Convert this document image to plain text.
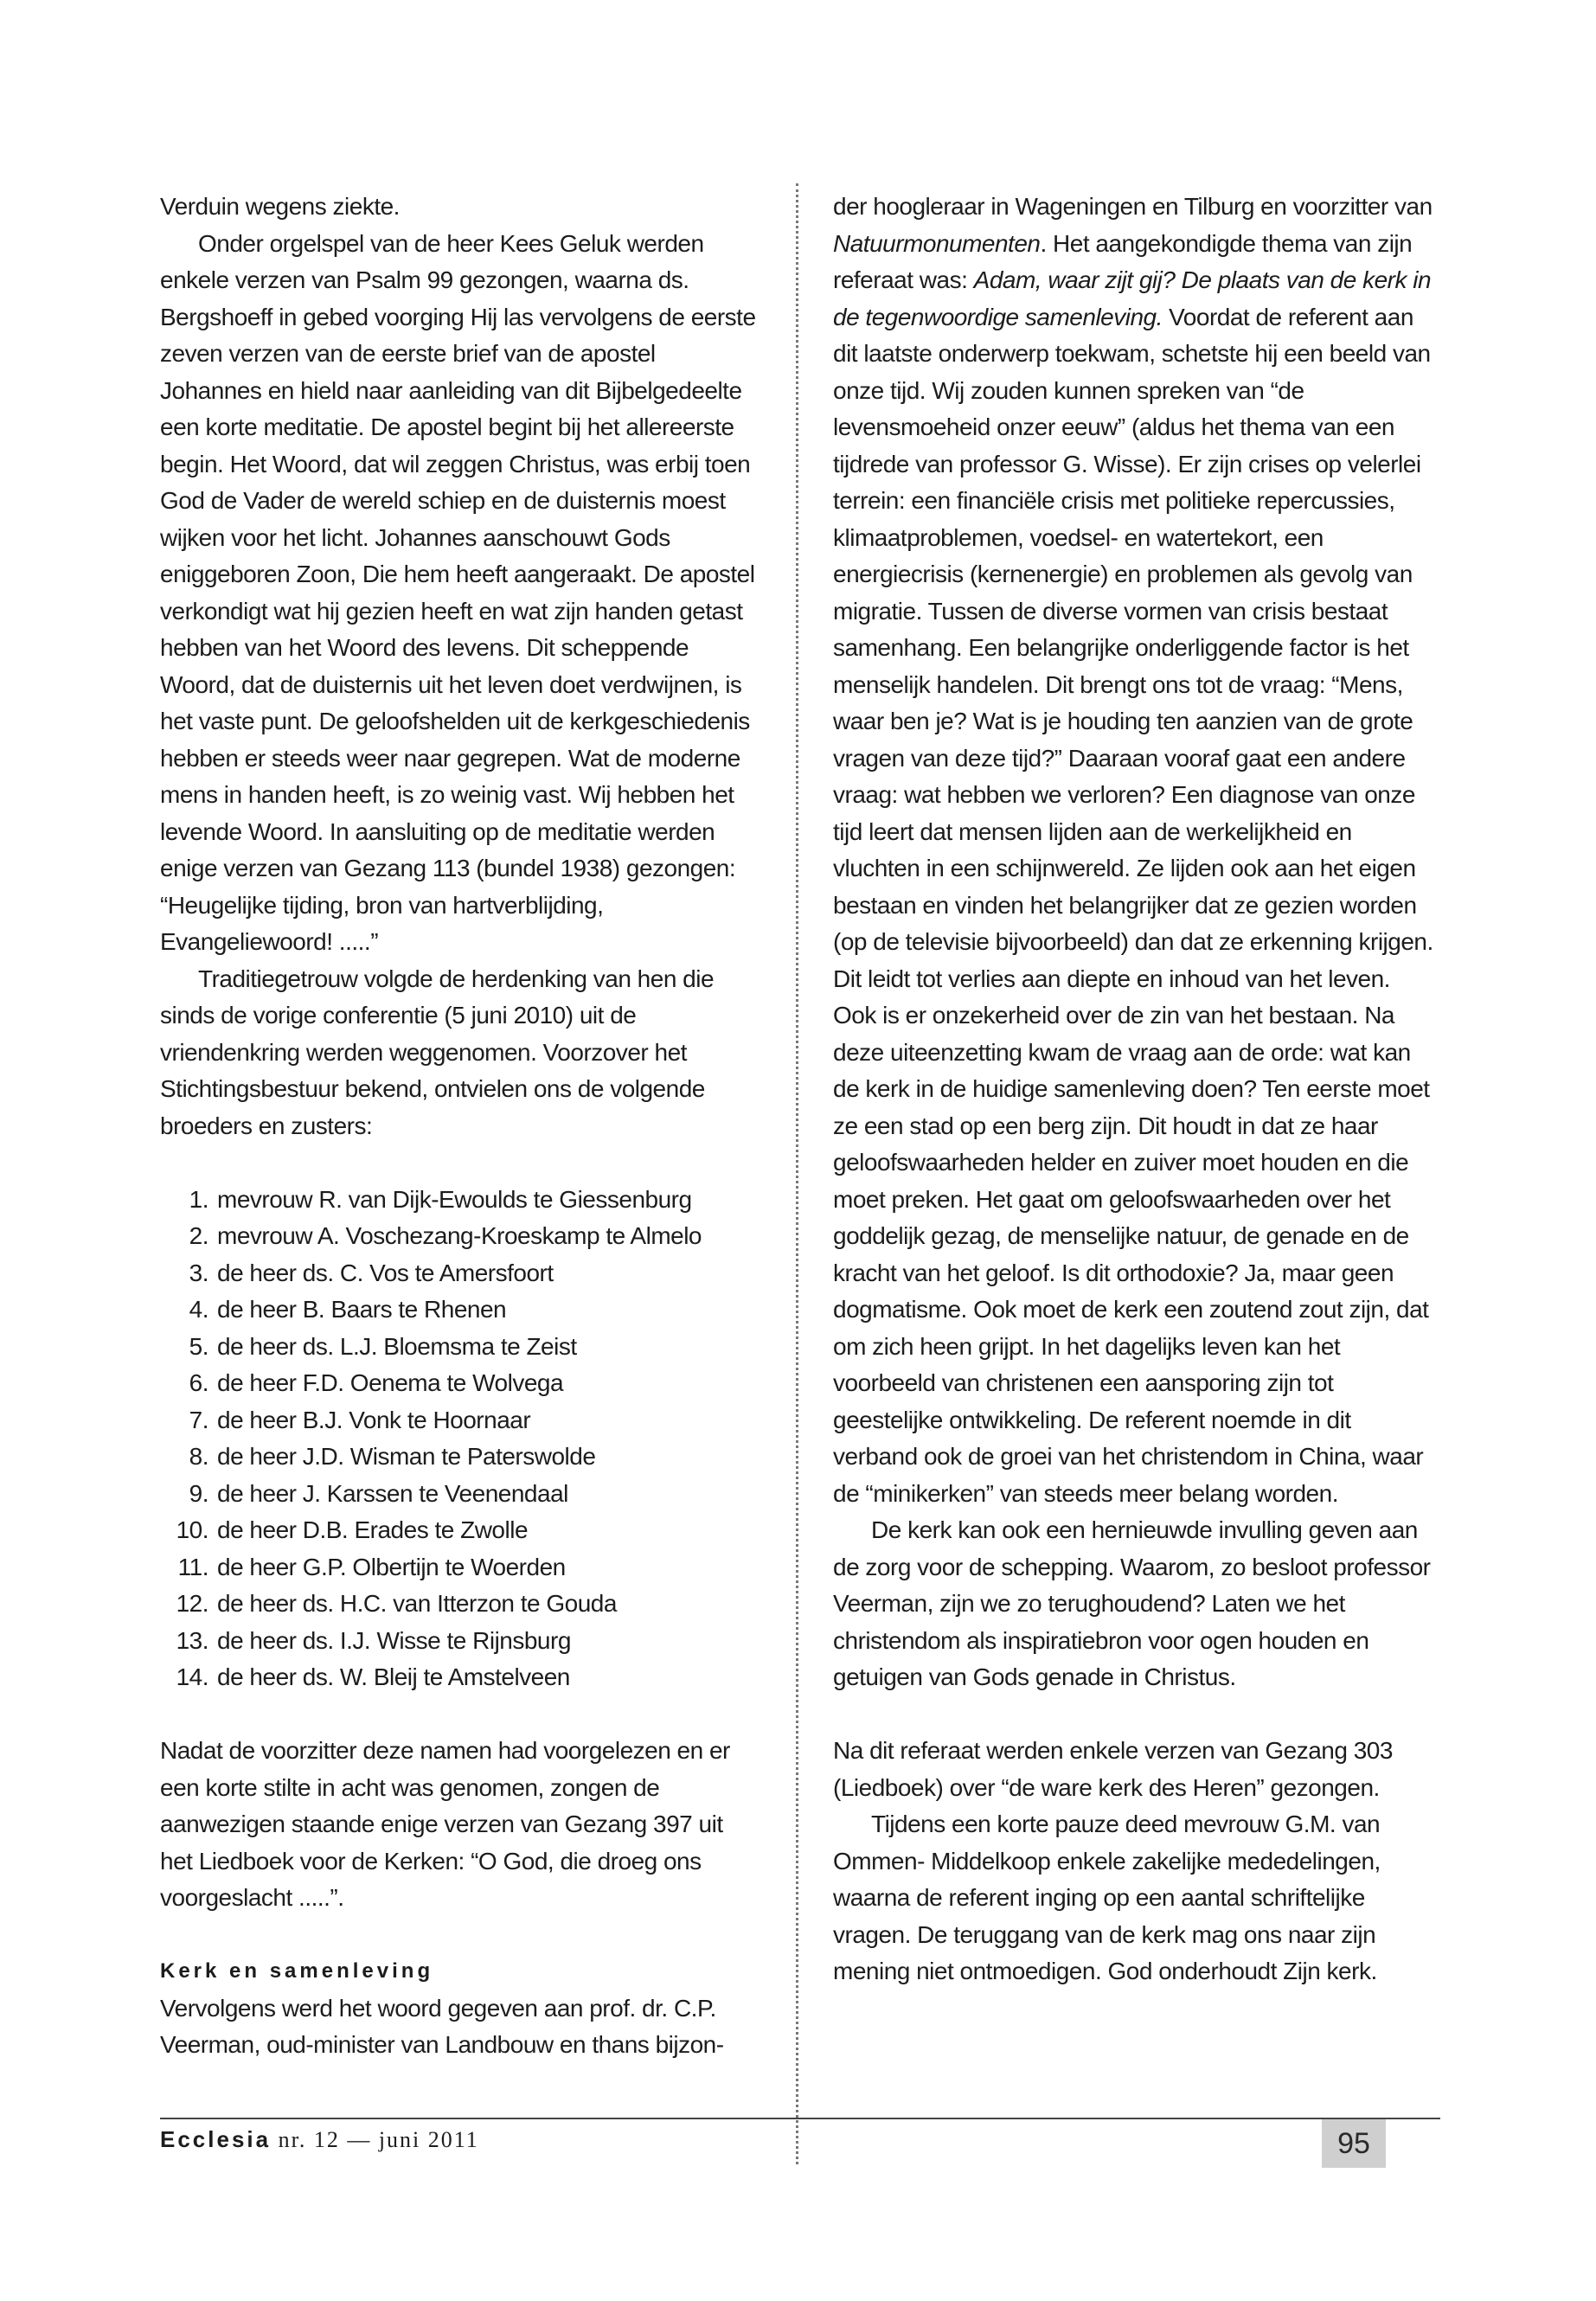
Verduin wegens ziekte.

Onder orgelspel van de heer Kees Geluk werden enkele verzen van Psalm 99 gezongen, waarna ds. Bergshoeff in gebed voorging Hij las vervolgens de eerste zeven verzen van de eerste brief van de apostel Johannes en hield naar aanleiding van dit Bijbelgedeelte een korte meditatie. De apostel begint bij het allereerste begin. Het Woord, dat wil zeggen Christus, was erbij toen God de Vader de wereld schiep en de duisternis moest wijken voor het licht. Johannes aanschouwt Gods eniggeboren Zoon, Die hem heeft aangeraakt. De apostel verkondigt wat hij gezien heeft en wat zijn handen getast hebben van het Woord des levens. Dit scheppende Woord, dat de duisternis uit het leven doet verdwijnen, is het vaste punt. De geloofshelden uit de kerkgeschiedenis hebben er steeds weer naar gegrepen. Wat de moderne mens in handen heeft, is zo weinig vast. Wij hebben het levende Woord. In aansluiting op de meditatie werden enige verzen van Gezang 113 (bundel 1938) gezongen: “Heugelijke tijding, bron van hartverblijding, Evangeliewoord! .....”

Traditiegetrouw volgde de herdenking van hen die sinds de vorige conferentie (5 juni 2010) uit de vriendenkring werden weggenomen. Voorzover het Stichtingsbestuur bekend, ontvielen ons de volgende broeders en zusters:

1. mevrouw R. van Dijk-Ewoulds te Giessenburg
2. mevrouw A. Voschezang-Kroeskamp te Almelo
3. de heer ds. C. Vos te Amersfoort
4. de heer B. Baars te Rhenen
5. de heer ds. L.J. Bloemsma te Zeist
6. de heer F.D. Oenema te Wolvega
7. de heer B.J. Vonk te Hoornaar
8. de heer J.D. Wisman te Paterswolde
9. de heer J. Karssen te Veenendaal
10. de heer D.B. Erades te Zwolle
11. de heer G.P. Olbertijn te Woerden
12. de heer ds. H.C. van Itterzon te Gouda
13. de heer ds. I.J. Wisse te Rijnsburg
14. de heer ds. W. Bleij te Amstelveen

Nadat de voorzitter deze namen had voorgelezen en er een korte stilte in acht was genomen, zongen de aanwezigen staande enige verzen van Gezang 397 uit het Liedboek voor de Kerken: “O God, die droeg ons voorgeslacht .....”.

Kerk en samenleving

Vervolgens werd het woord gegeven aan prof. dr. C.P. Veerman, oud-minister van Landbouw en thans bijzon-

der hoogleraar in Wageningen en Tilburg en voorzitter van Natuurmonumenten. Het aangekondigde thema van zijn referaat was: Adam, waar zijt gij? De plaats van de kerk in de tegenwoordige samenleving. Voordat de referent aan dit laatste onderwerp toekwam, schetste hij een beeld van onze tijd. Wij zouden kunnen spreken van “de levensmoeheid onzer eeuw” (aldus het thema van een tijdrede van professor G. Wisse). Er zijn crises op velerlei terrein: een financiële crisis met politieke repercussies, klimaatproblemen, voedsel- en watertekort, een energiecrisis (kernenergie) en problemen als gevolg van migratie. Tussen de diverse vormen van crisis bestaat samenhang. Een belangrijke onderliggende factor is het menselijk handelen. Dit brengt ons tot de vraag: “Mens, waar ben je? Wat is je houding ten aanzien van de grote vragen van deze tijd?” Daaraan vooraf gaat een andere vraag: wat hebben we verloren? Een diagnose van onze tijd leert dat mensen lijden aan de werkelijkheid en vluchten in een schijnwereld. Ze lijden ook aan het eigen bestaan en vinden het belangrijker dat ze gezien worden (op de televisie bijvoorbeeld) dan dat ze erkenning krijgen. Dit leidt tot verlies aan diepte en inhoud van het leven. Ook is er onzekerheid over de zin van het bestaan. Na deze uiteenzetting kwam de vraag aan de orde: wat kan de kerk in de huidige samenleving doen? Ten eerste moet ze een stad op een berg zijn. Dit houdt in dat ze haar geloofswaarheden helder en zuiver moet houden en die moet preken. Het gaat om geloofswaarheden over het goddelijk gezag, de menselijke natuur, de genade en de kracht van het geloof. Is dit orthodoxie? Ja, maar geen dogmatisme. Ook moet de kerk een zoutend zout zijn, dat om zich heen grijpt. In het dagelijks leven kan het voorbeeld van christenen een aansporing zijn tot geestelijke ontwikkeling. De referent noemde in dit verband ook de groei van het christendom in China, waar de “minikerken” van steeds meer belang worden.

De kerk kan ook een hernieuwde invulling geven aan de zorg voor de schepping. Waarom, zo besloot professor Veerman, zijn we zo terughoudend? Laten we het christendom als inspiratiebron voor ogen houden en getuigen van Gods genade in Christus.

Na dit referaat werden enkele verzen van Gezang 303 (Liedboek) over “de ware kerk des Heren” gezongen.

Tijdens een korte pauze deed mevrouw G.M. van Ommen- Middelkoop enkele zakelijke mededelingen, waarna de referent inging op een aantal schriftelijke vragen. De teruggang van de kerk mag ons naar zijn mening niet ontmoedigen. God onderhoudt Zijn kerk.

Ecclesia nr. 12 — juni 2011	95
